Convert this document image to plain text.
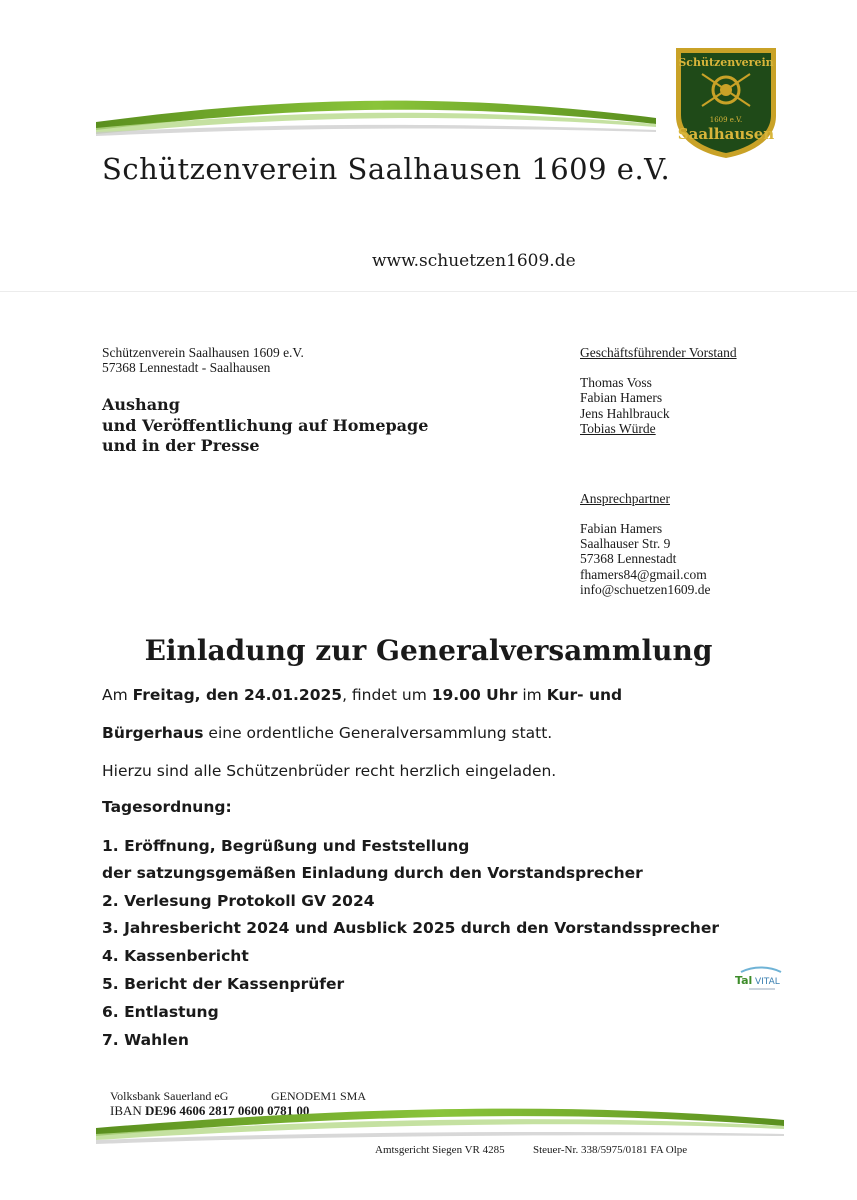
Schützenverein Saalhausen 1609 e.V.
Schützenverein
1609 e.V.
Saalhausen
www.schuetzen1609.de
Schützenverein Saalhausen 1609 e.V.
57368 Lennestadt - Saalhausen
Aushang
und Veröffentlichung auf Homepage
und in der Presse
Geschäftsführender Vorstand
Thomas Voss
Fabian Hamers
Jens Hahlbrauck
Tobias Würde
Ansprechpartner
Fabian Hamers
Saalhauser Str. 9
57368 Lennestadt
fhamers84@gmail.com
info@schuetzen1609.de
Einladung zur Generalversammlung
Am Freitag, den 24.01.2025, findet um 19.00 Uhr im Kur- und
Bürgerhaus eine ordentliche Generalversammlung statt.
Hierzu sind alle Schützenbrüder recht herzlich eingeladen.
Tagesordnung:
1. Eröffnung, Begrüßung und Feststellung
der satzungsgemäßen Einladung durch den Vorstandsprecher
2. Verlesung Protokoll GV 2024
3. Jahresbericht 2024 und Ausblick 2025 durch den Vorstandssprecher
4. Kassenbericht
5. Bericht der Kassenprüfer
6. Entlastung
7. Wahlen
Tal VITAL
Volksbank Sauerland eG	GENODEM1 SMA
IBAN DE96 4606 2817 0600 0781 00
Amtsgericht Siegen VR 4285	Steuer-Nr. 338/5975/0181 FA Olpe
